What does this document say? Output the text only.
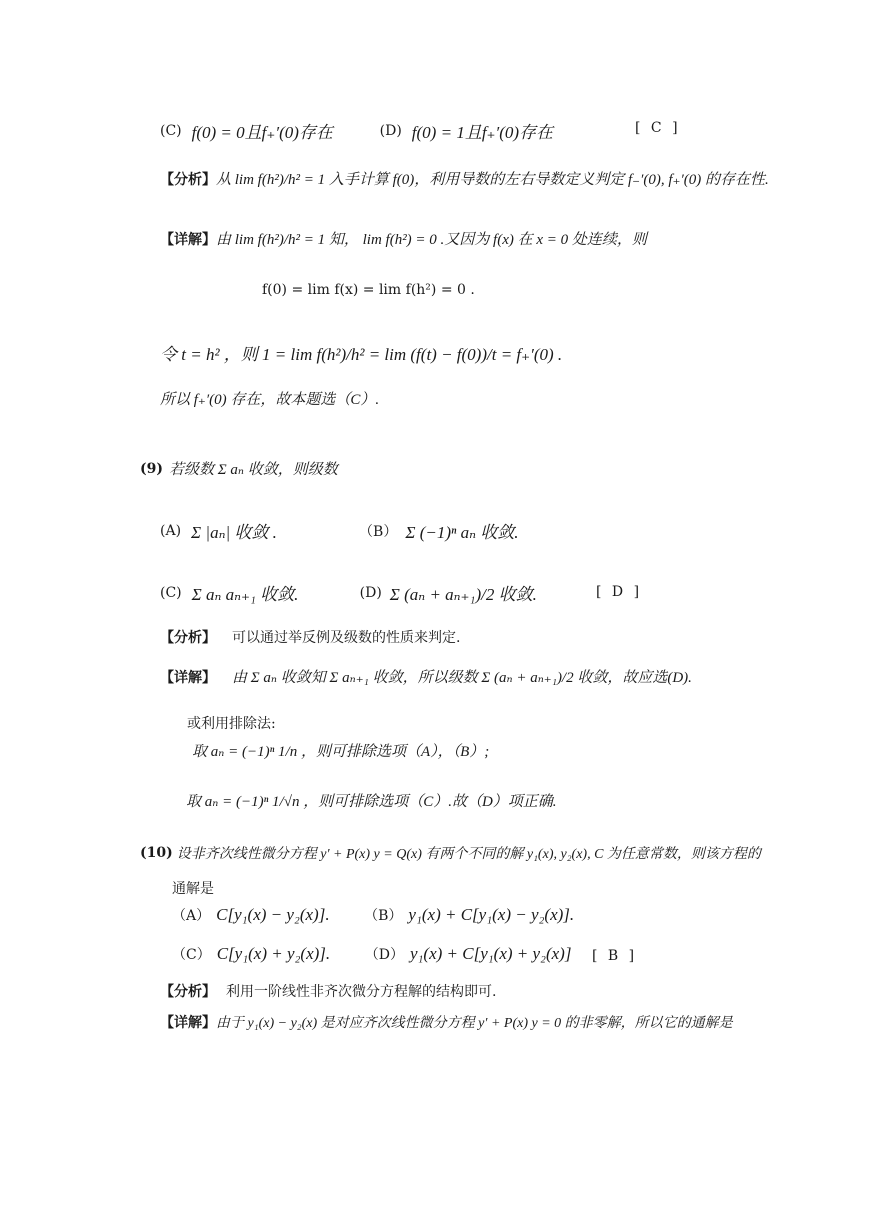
(C) f(0) = 0且f₊′(0)存在	(D) f(0) = 1且f₊′(0)存在	[ C ]
【分析】 从 lim f(h²)/h² = 1 入手计算 f(0)，利用导数的左右导数定义判定 f₋′(0), f₊′(0) 的存在性.
【详解】 由 lim f(h²)/h² = 1 知， lim f(h²) = 0 .又因为 f(x) 在 x = 0 处连续，则
f(0) = lim f(x) = lim f(h²) = 0 .
令 t = h² ，则 1 = lim f(h²)/h² = lim (f(t) − f(0))/t = f₊′(0) .
所以 f₊′(0) 存在，故本题选（C）.
(9) 若级数 Σ aₙ 收敛，则级数
(A) Σ |aₙ| 收敛 .	（B） Σ (−1)ⁿ aₙ 收敛.
(C) Σ aₙ aₙ₊₁ 收敛.	(D) Σ (aₙ + aₙ₊₁)/2 收敛.	[ D ]
【分析】 可以通过举反例及级数的性质来判定.
【详解】 由 Σ aₙ 收敛知 Σ aₙ₊₁ 收敛，所以级数 Σ (aₙ + aₙ₊₁)/2 收敛，故应选(D).
或利用排除法:
取 aₙ = (−1)ⁿ 1/n ，则可排除选项（A），（B）;
取 aₙ = (−1)ⁿ 1/√n ，则可排除选项（C）.故（D）项正确.
(10) 设非齐次线性微分方程 y′ + P(x) y = Q(x) 有两个不同的解 y₁(x), y₂(x), C 为任意常数，则该方程的
通解是
（A） C[y₁(x) − y₂(x)].	（B） y₁(x) + C[y₁(x) − y₂(x)].
（C） C[y₁(x) + y₂(x)].	（D） y₁(x) + C[y₁(x) + y₂(x)] [ B ]
【分析】 利用一阶线性非齐次微分方程解的结构即可.
【详解】 由于 y₁(x) − y₂(x) 是对应齐次线性微分方程 y′ + P(x) y = 0 的非零解，所以它的通解是
